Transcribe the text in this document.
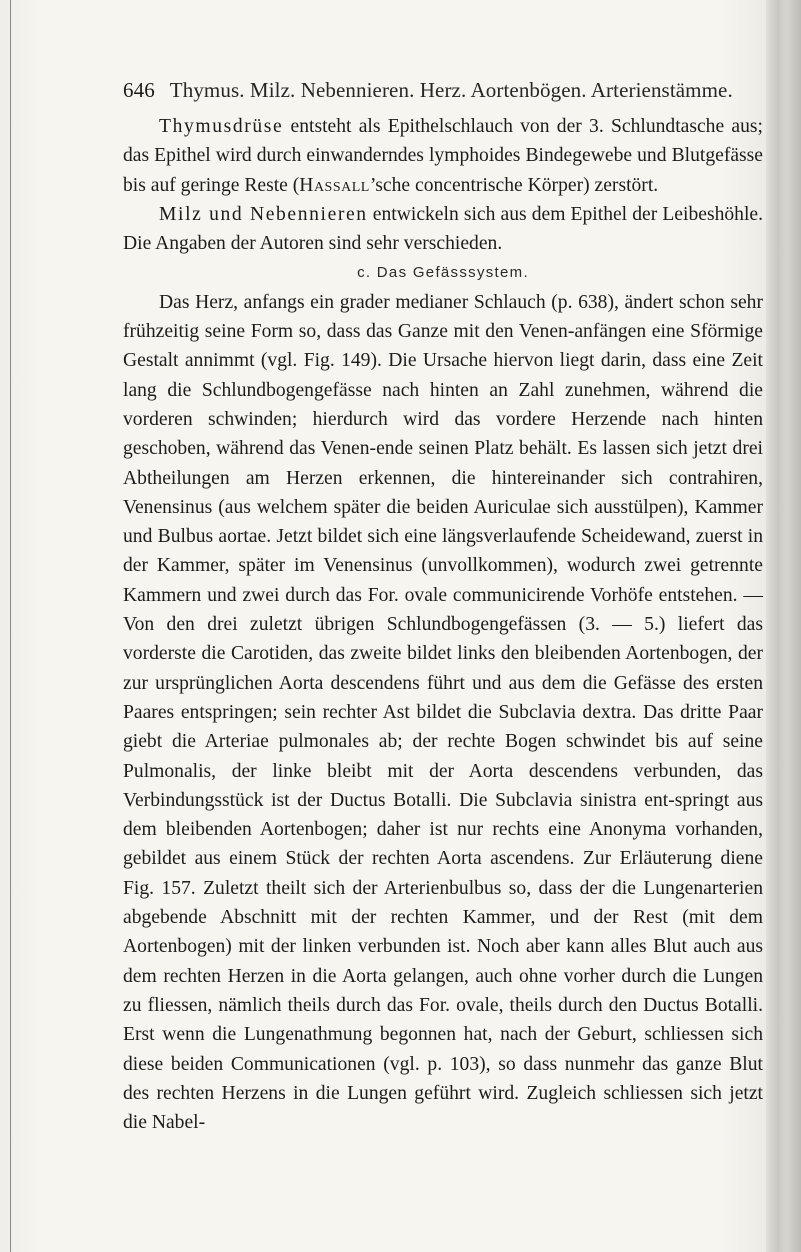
646 Thymus. Milz. Nebennieren. Herz. Aortenbögen. Arterienstämme.

Thymusdrüse entsteht als Epithelschlauch von der 3. Schlundtasche aus; das Epithel wird durch einwanderndes lymphoides Bindegewebe und Blutgefässe bis auf geringe Reste (Hassall’sche concentrische Körper) zerstört.

Milz und Nebennieren entwickeln sich aus dem Epithel der Leibeshöhle. Die Angaben der Autoren sind sehr verschieden.

c. Das Gefässsystem.

Das Herz, anfangs ein grader medianer Schlauch (p. 638), ändert schon sehr frühzeitig seine Form so, dass das Ganze mit den Venen-anfängen eine Sförmige Gestalt annimmt (vgl. Fig. 149). Die Ursache hiervon liegt darin, dass eine Zeit lang die Schlundbogengefässe nach hinten an Zahl zunehmen, während die vorderen schwinden; hierdurch wird das vordere Herzende nach hinten geschoben, während das Venen-ende seinen Platz behält. Es lassen sich jetzt drei Abtheilungen am Herzen erkennen, die hintereinander sich contrahiren, Venensinus (aus welchem später die beiden Auriculae sich ausstülpen), Kammer und Bulbus aortae. Jetzt bildet sich eine längsverlaufende Scheidewand, zuerst in der Kammer, später im Venensinus (unvollkommen), wodurch zwei getrennte Kammern und zwei durch das For. ovale communicirende Vorhöfe entstehen. — Von den drei zuletzt übrigen Schlundbogengefässen (3. — 5.) liefert das vorderste die Carotiden, das zweite bildet links den bleibenden Aortenbogen, der zur ursprünglichen Aorta descendens führt und aus dem die Gefässe des ersten Paares entspringen; sein rechter Ast bildet die Subclavia dextra. Das dritte Paar giebt die Arteriae pulmonales ab; der rechte Bogen schwindet bis auf seine Pulmonalis, der linke bleibt mit der Aorta descendens verbunden, das Verbindungsstück ist der Ductus Botalli. Die Subclavia sinistra ent-springt aus dem bleibenden Aortenbogen; daher ist nur rechts eine Anonyma vorhanden, gebildet aus einem Stück der rechten Aorta ascendens. Zur Erläuterung diene Fig. 157. Zuletzt theilt sich der Arterienbulbus so, dass der die Lungenarterien abgebende Abschnitt mit der rechten Kammer, und der Rest (mit dem Aortenbogen) mit der linken verbunden ist. Noch aber kann alles Blut auch aus dem rechten Herzen in die Aorta gelangen, auch ohne vorher durch die Lungen zu fliessen, nämlich theils durch das For. ovale, theils durch den Ductus Botalli. Erst wenn die Lungenathmung begonnen hat, nach der Geburt, schliessen sich diese beiden Communicationen (vgl. p. 103), so dass nunmehr das ganze Blut des rechten Herzens in die Lungen geführt wird. Zugleich schliessen sich jetzt die Nabel-
